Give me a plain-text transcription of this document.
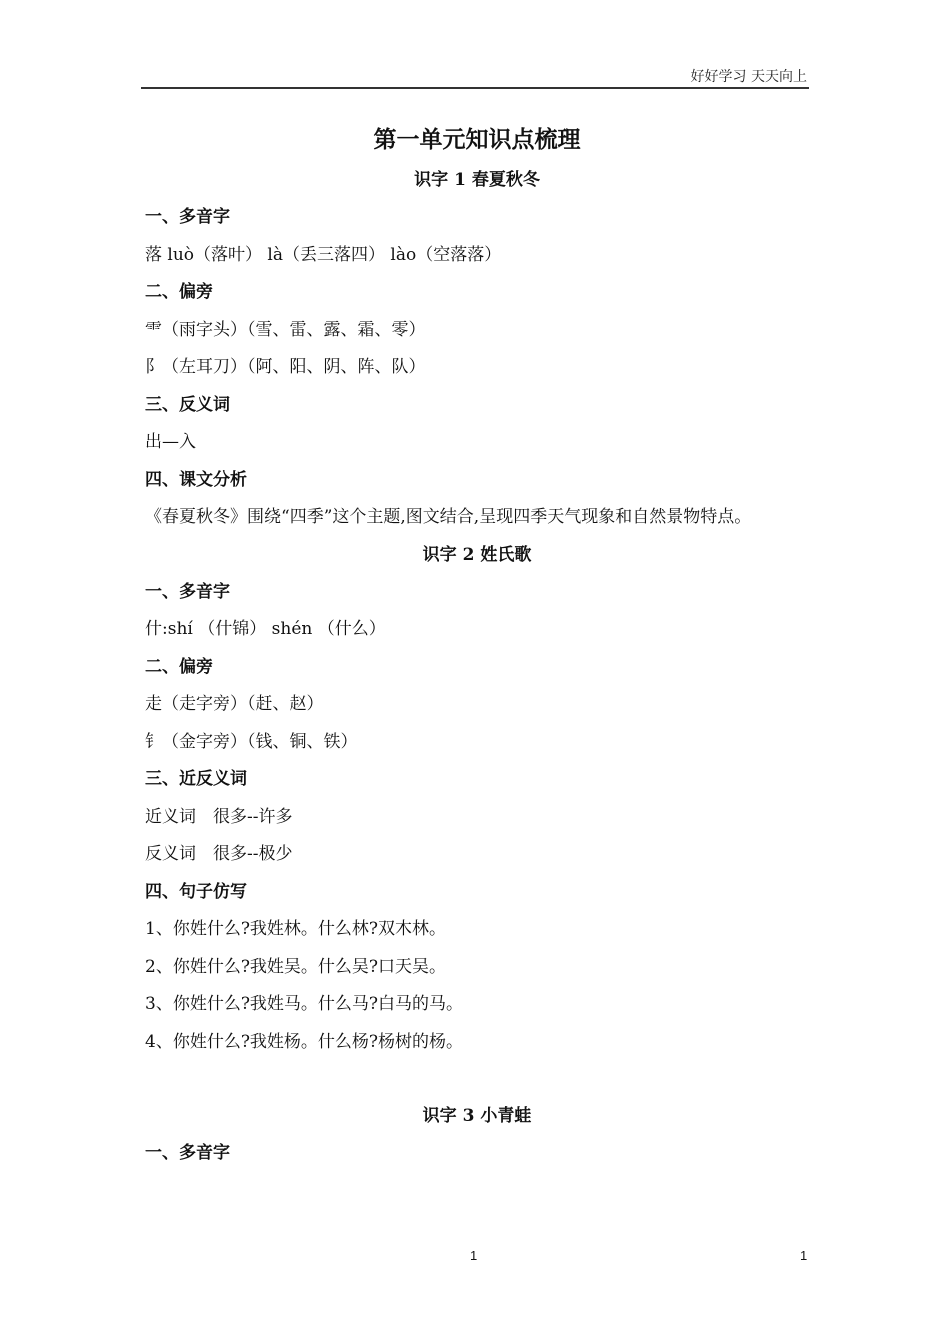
好好学习 天天向上
第一单元知识点梳理
识字 1 春夏秋冬
一、多音字
落 luò（落叶） là（丢三落四） lào（空落落）
二、偏旁
⻗（雨字头）（雪、雷、露、霜、零）
阝（左耳刀）（阿、阳、阴、阵、队）
三、反义词
出—入
四、课文分析
《春夏秋冬》围绕“四季”这个主题,图文结合,呈现四季天气现象和自然景物特点。
识字 2 姓氏歌
一、多音字
什:shí （什锦） shén （什么）
二、偏旁
走（走字旁）（赶、赵）
钅（金字旁）（钱、铜、铁）
三、近反义词
近义词　很多--许多
反义词　很多--极少
四、句子仿写
1、你姓什么?我姓林。什么林?双木林。
2、你姓什么?我姓吴。什么吴?口天吴。
3、你姓什么?我姓马。什么马?白马的马。
4、你姓什么?我姓杨。什么杨?杨树的杨。
识字 3 小青蛙
一、多音字
1	1
